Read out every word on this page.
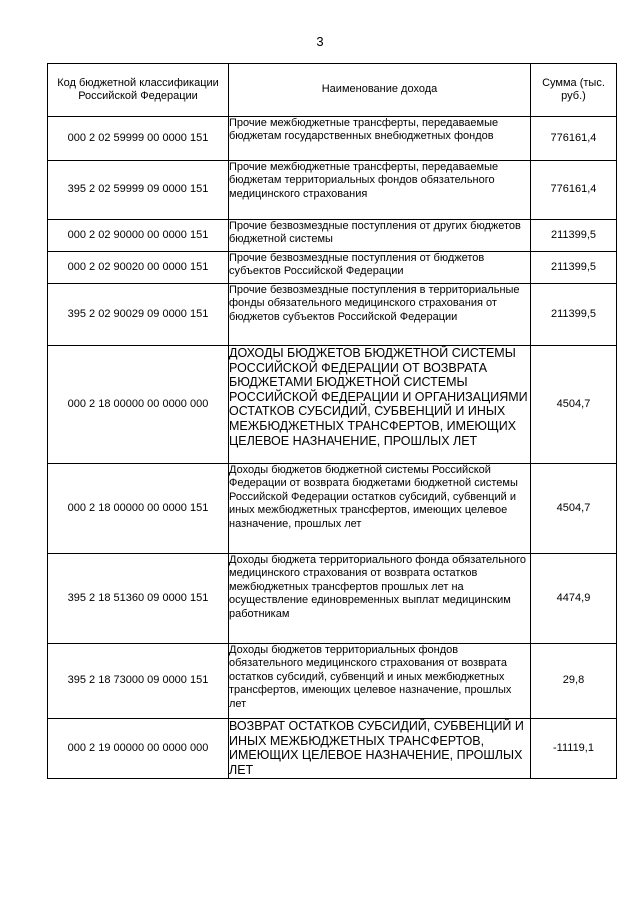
3
Код бюджетной классификации Российской Федерации	Наименование дохода	Сумма (тыс. руб.)
000 2 02 59999 00 0000 151	Прочие межбюджетные трансферты, передаваемые бюджетам государственных внебюджетных фондов	776161,4
395 2 02 59999 09 0000 151	Прочие межбюджетные трансферты, передаваемые бюджетам территориальных фондов обязательного медицинского страхования	776161,4
000 2 02 90000 00 0000 151	Прочие безвозмездные поступления от других бюджетов бюджетной системы	211399,5
000 2 02 90020 00 0000 151	Прочие безвозмездные поступления от бюджетов субъектов Российской Федерации	211399,5
395 2 02 90029 09 0000 151	Прочие безвозмездные поступления в территориальные фонды обязательного медицинского страхования от бюджетов субъектов Российской Федерации	211399,5
000 2 18 00000 00 0000 000	ДОХОДЫ БЮДЖЕТОВ БЮДЖЕТНОЙ СИСТЕМЫ РОССИЙСКОЙ ФЕДЕРАЦИИ ОТ ВОЗВРАТА БЮДЖЕТАМИ БЮДЖЕТНОЙ СИСТЕМЫ РОССИЙСКОЙ ФЕДЕРАЦИИ И ОРГАНИЗАЦИЯМИ ОСТАТКОВ СУБСИДИЙ, СУБВЕНЦИЙ И ИНЫХ МЕЖБЮДЖЕТНЫХ ТРАНСФЕРТОВ, ИМЕЮЩИХ ЦЕЛЕВОЕ НАЗНАЧЕНИЕ, ПРОШЛЫХ ЛЕТ	4504,7
000 2 18 00000 00 0000 151	Доходы бюджетов бюджетной системы Российской Федерации от возврата бюджетами бюджетной системы Российской Федерации остатков субсидий, субвенций и иных межбюджетных трансфертов, имеющих целевое назначение, прошлых лет	4504,7
395 2 18 51360 09 0000 151	Доходы бюджета территориального фонда обязательного медицинского страхования от возврата остатков межбюджетных трансфертов прошлых лет на осуществление единовременных выплат медицинским работникам	4474,9
395 2 18 73000 09 0000 151	Доходы бюджетов территориальных фондов обязательного медицинского страхования от возврата остатков субсидий, субвенций и иных межбюджетных трансфертов, имеющих целевое назначение, прошлых лет	29,8
000 2 19 00000 00 0000 000	ВОЗВРАТ ОСТАТКОВ СУБСИДИЙ, СУБВЕНЦИЙ И ИНЫХ МЕЖБЮДЖЕТНЫХ ТРАНСФЕРТОВ, ИМЕЮЩИХ ЦЕЛЕВОЕ НАЗНАЧЕНИЕ, ПРОШЛЫХ ЛЕТ	-11119,1
